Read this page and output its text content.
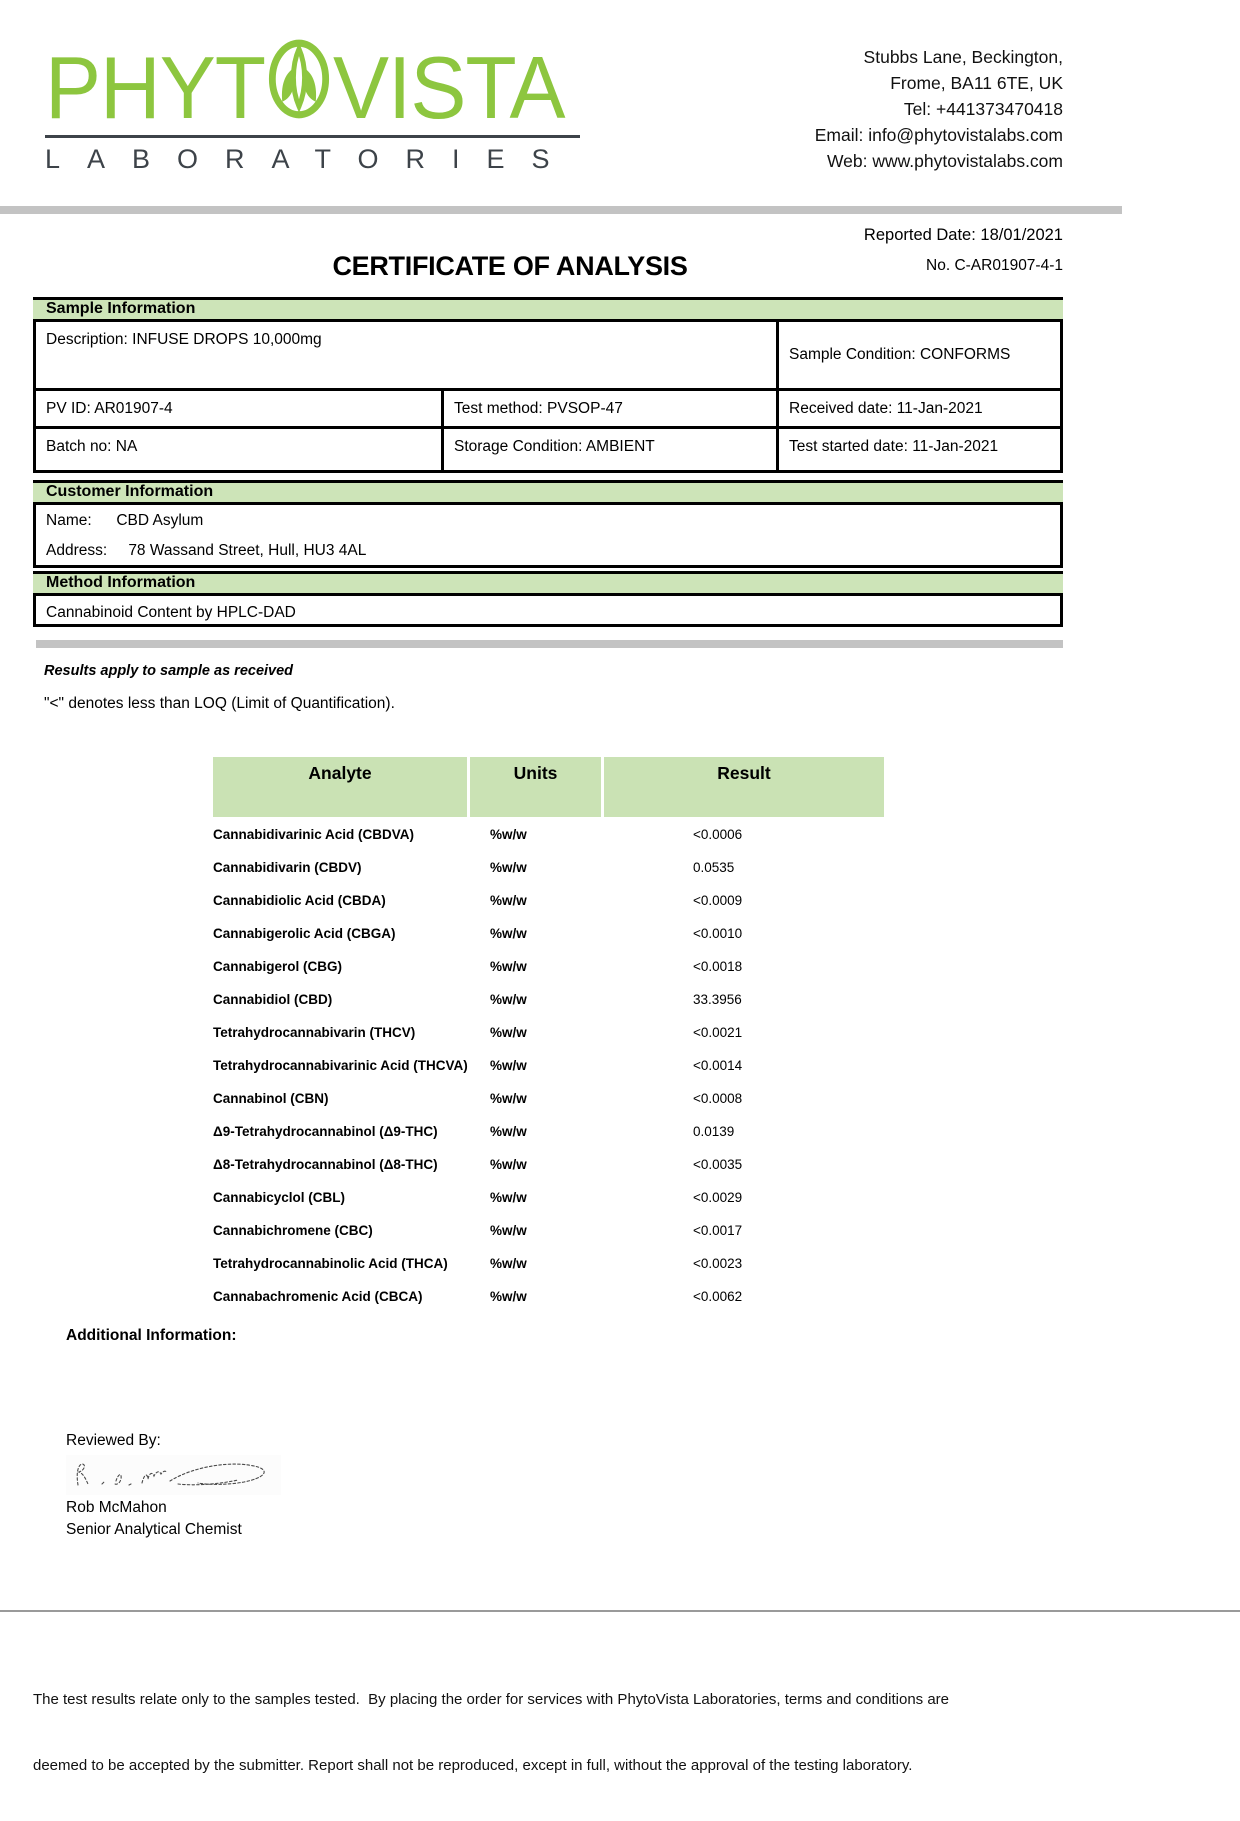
PHYT VISTA
LABORATORIES
Stubbs Lane, Beckington,
Frome, BA11 6TE, UK
Tel: +441373470418
Email: info@phytovistalabs.com
Web: www.phytovistalabs.com
CERTIFICATE OF ANALYSIS
Reported Date: 18/01/2021
No. C-AR01907-4-1
Sample Information
Description: INFUSE DROPS 10,000mg
Sample Condition: CONFORMS
PV ID: AR01907-4	Test method: PVSOP-47	Received date: 11-Jan-2021
Batch no: NA	Storage Condition: AMBIENT	Test started date: 11-Jan-2021
Customer Information
Name: CBD Asylum
Address: 78 Wassand Street, Hull, HU3 4AL
Method Information
Cannabinoid Content by HPLC-DAD
Results apply to sample as received
"<" denotes less than LOQ (Limit of Quantification).
Analyte	Units	Result
Cannabidivarinic Acid (CBDVA)	%w/w	<0.0006
Cannabidivarin (CBDV)	%w/w	0.0535
Cannabidiolic Acid (CBDA)	%w/w	<0.0009
Cannabigerolic Acid (CBGA)	%w/w	<0.0010
Cannabigerol (CBG)	%w/w	<0.0018
Cannabidiol (CBD)	%w/w	33.3956
Tetrahydrocannabivarin (THCV)	%w/w	<0.0021
Tetrahydrocannabivarinic Acid (THCVA)	%w/w	<0.0014
Cannabinol (CBN)	%w/w	<0.0008
Δ9-Tetrahydrocannabinol (Δ9-THC)	%w/w	0.0139
Δ8-Tetrahydrocannabinol (Δ8-THC)	%w/w	<0.0035
Cannabicyclol (CBL)	%w/w	<0.0029
Cannabichromene (CBC)	%w/w	<0.0017
Tetrahydrocannabinolic Acid (THCA)	%w/w	<0.0023
Cannabachromenic Acid (CBCA)	%w/w	<0.0062
Additional Information:
Reviewed By:
Rob McMahon
Senior Analytical Chemist

The test results relate only to the samples tested.  By placing the order for services with PhytoVista Laboratories, terms and conditions are

deemed to be accepted by the submitter. Report shall not be reproduced, except in full, without the approval of the testing laboratory.
